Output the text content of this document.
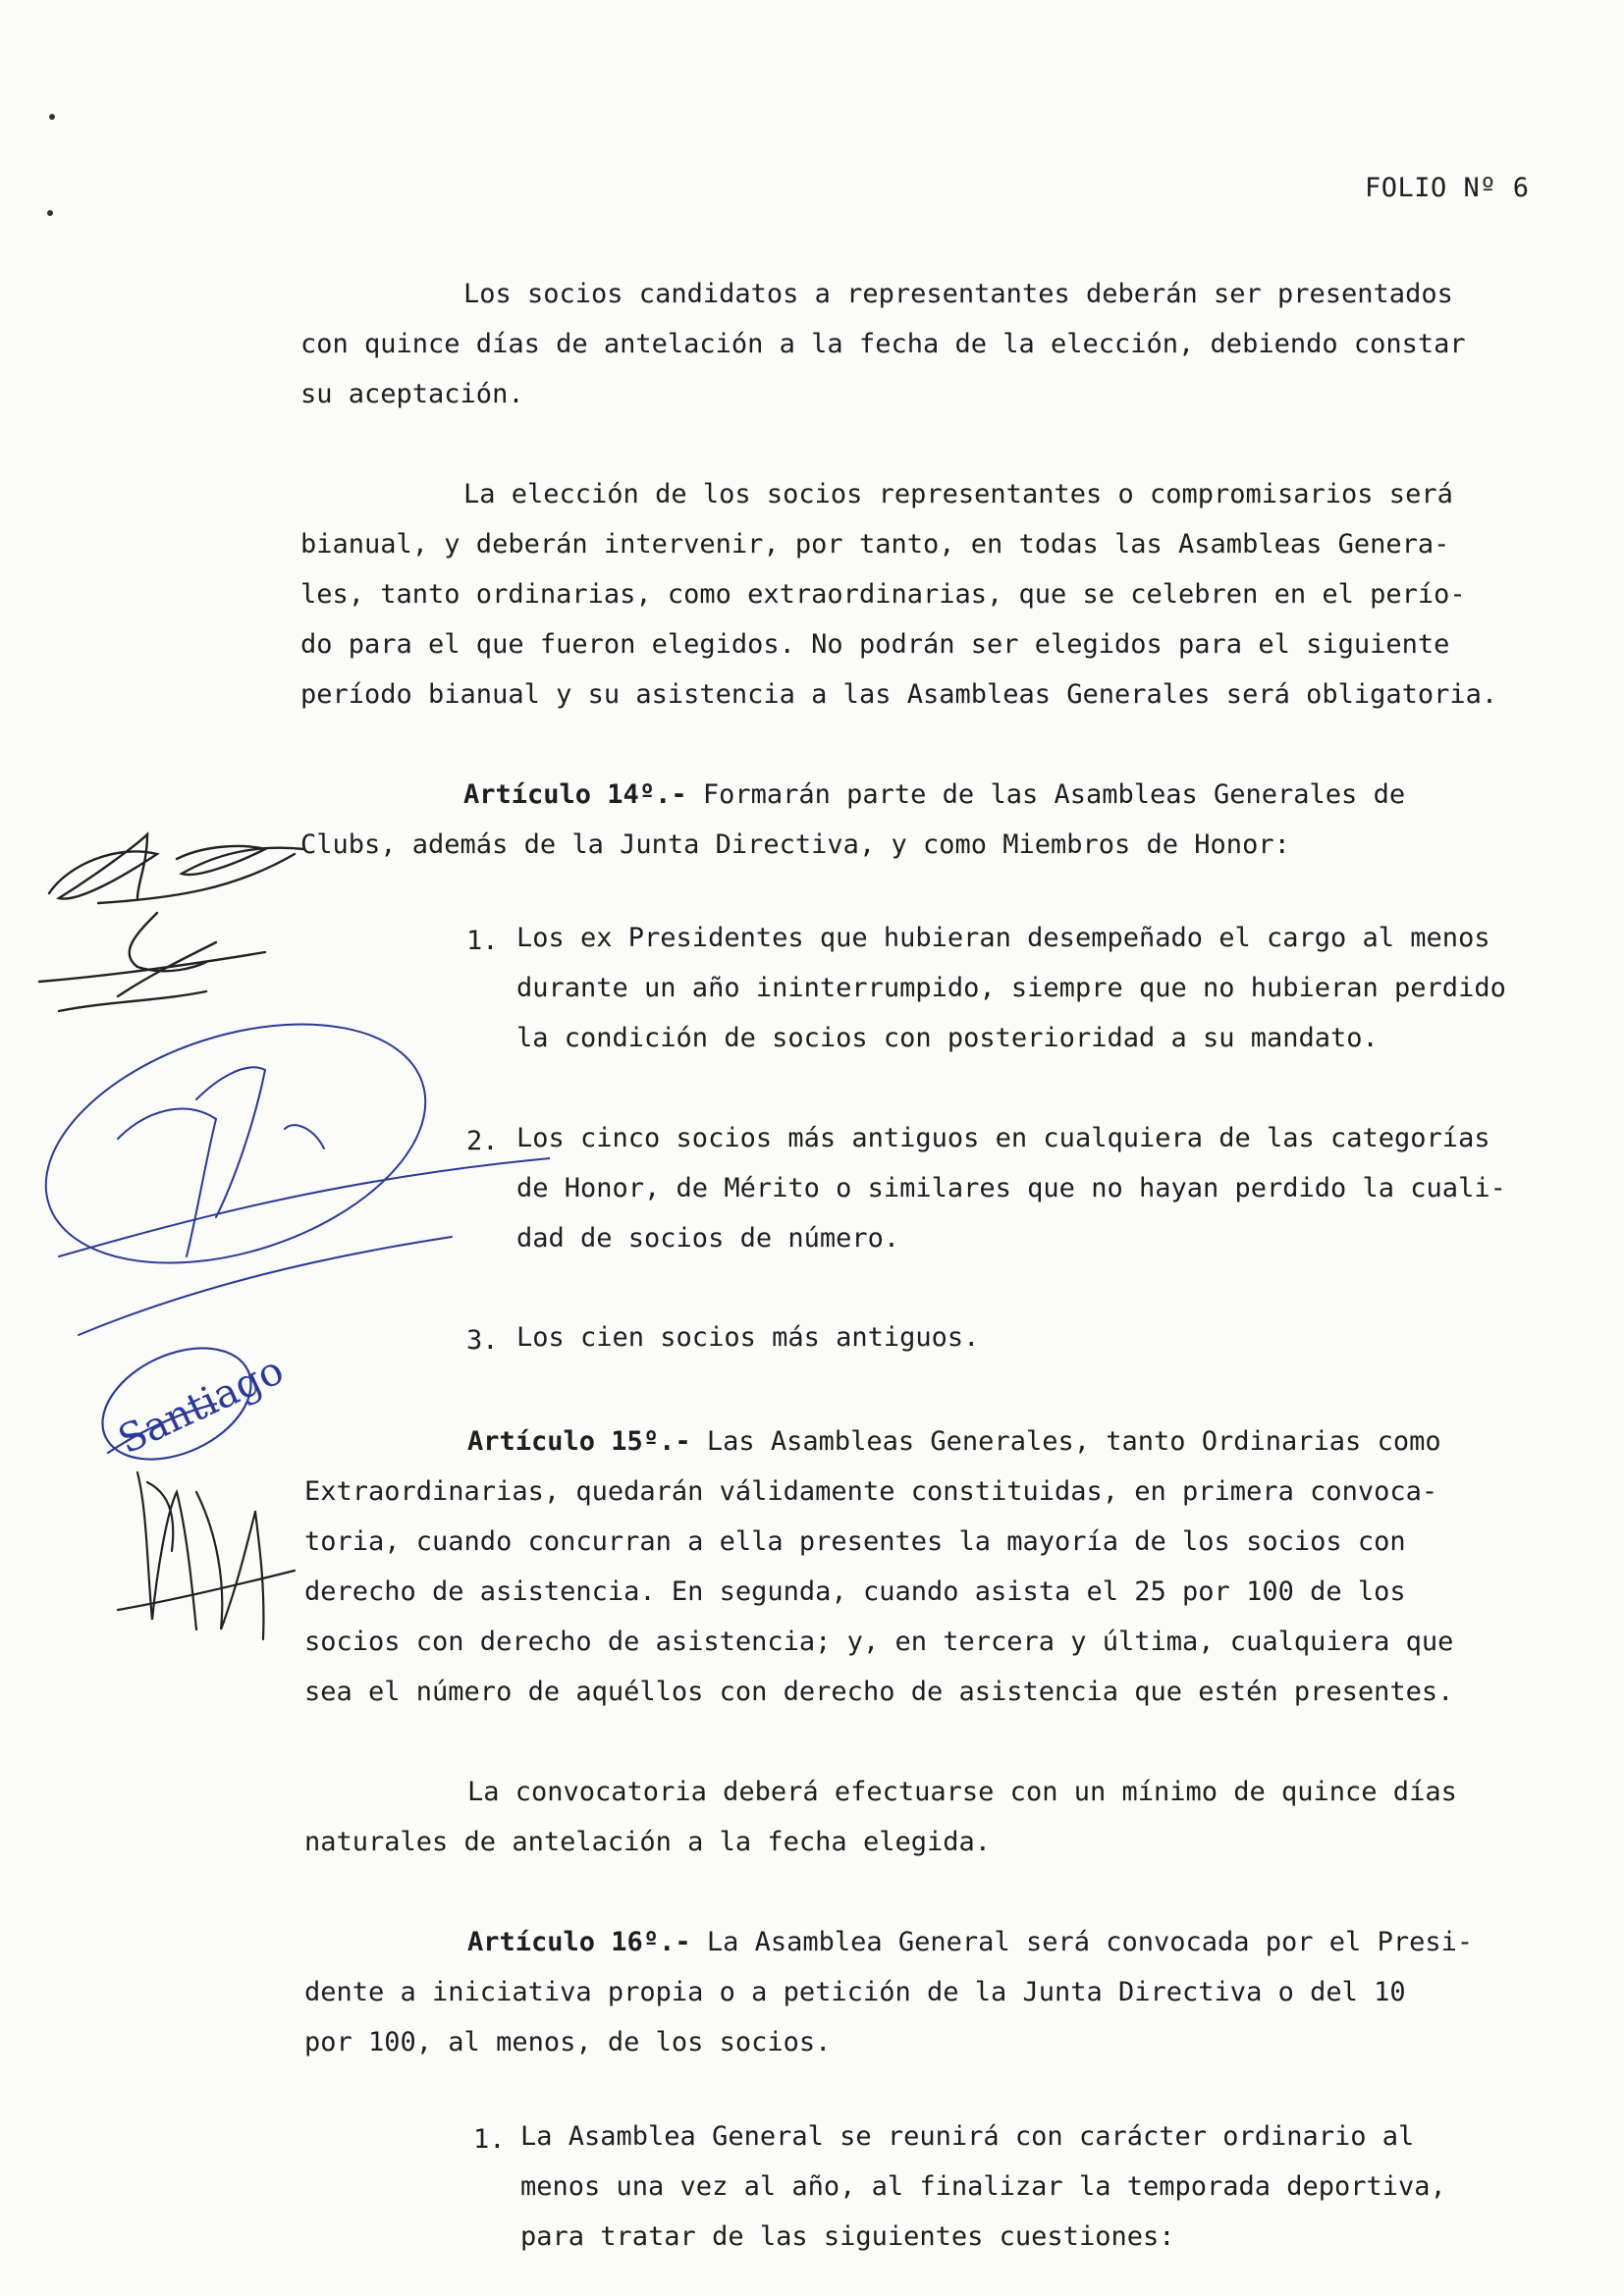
FOLIO Nº 6
Los socios candidatos a representantes deberán ser presentados
con quince días de antelación a la fecha de la elección, debiendo constar
su aceptación.
La elección de los socios representantes o compromisarios será
bianual, y deberán intervenir, por tanto, en todas las Asambleas Genera-
les, tanto ordinarias, como extraordinarias, que se celebren en el perío-
do para el que fueron elegidos. No podrán ser elegidos para el siguiente
período bianual y su asistencia a las Asambleas Generales será obligatoria.
Artículo 14º.- Formarán parte de las Asambleas Generales de
Clubs, además de la Junta Directiva, y como Miembros de Honor:
1. Los ex Presidentes que hubieran desempeñado el cargo al menos
durante un año ininterrumpido, siempre que no hubieran perdido
la condición de socios con posterioridad a su mandato.
2. Los cinco socios más antiguos en cualquiera de las categorías
de Honor, de Mérito o similares que no hayan perdido la cuali-
dad de socios de número.
3. Los cien socios más antiguos.
Artículo 15º.- Las Asambleas Generales, tanto Ordinarias como
Extraordinarias, quedarán válidamente constituidas, en primera convoca-
toria, cuando concurran a ella presentes la mayoría de los socios con
derecho de asistencia. En segunda, cuando asista el 25 por 100 de los
socios con derecho de asistencia; y, en tercera y última, cualquiera que
sea el número de aquéllos con derecho de asistencia que estén presentes.
La convocatoria deberá efectuarse con un mínimo de quince días
naturales de antelación a la fecha elegida.
Artículo 16º.- La Asamblea General será convocada por el Presi-
dente a iniciativa propia o a petición de la Junta Directiva o del 10
por 100, al menos, de los socios.
1. La Asamblea General se reunirá con carácter ordinario al
menos una vez al año, al finalizar la temporada deportiva,
para tratar de las siguientes cuestiones:
Santiago
